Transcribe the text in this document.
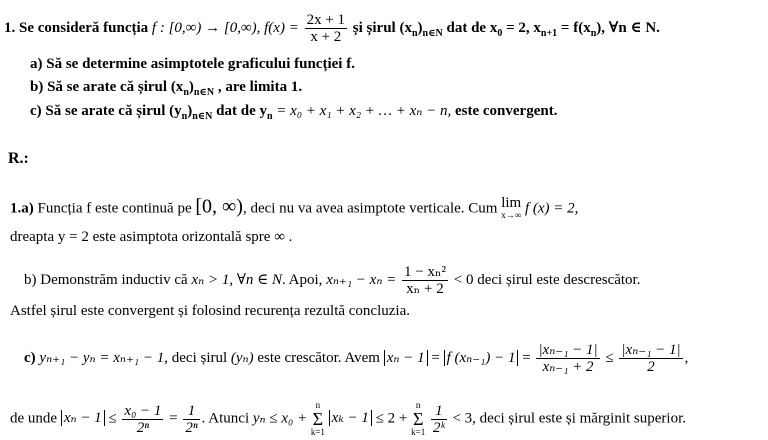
1. Se consideră funcția f : [0,∞) → [0,∞), $f(x) = \frac{2x + 1}{x + 2}$ și șirul $(x_n)_{n\in N}$ dat de $x_0 = 2$, $x_{n+1} = f(x_n)$, ∀n ∈ N.
a) Să se determine asimptotele graficului funcției f.
b) Să se arate că șirul $(x_n)_{n\in N}$ , are limita 1.
c) Să se arate că șirul $(y_n)_{n\in N}$ dat de $y_n = x_0 + x_1 + x_2$ + … + xₙ − n, este convergent.
R.:
1.a) Funcția f este continuă pe [0, ∞), deci nu va avea asimptote verticale. Cum lim
x→∞ f (x) = 2,
dreapta y = 2 este asimptota orizontală spre ∞ .
b) Demonstrăm inductiv că xₙ > 1, ∀n ∈ N. Apoi, $x_{n+1} - x_n = \frac{\text{1 − xₙ²}}{\text{xₙ + 2}} < 0$ deci șirul este descrescător.
Astfel șirul este convergent și folosind recurența rezultă concluzia.
c) yₙ₊₁ − yₙ = xₙ₊₁ − 1, deci șirul (yₙ) este crescător. Avem xₙ − 1 = f $(x_{n-1}) - 1 = \frac{\text{|xₙ₋₁ − 1|}}{\text{xₙ₋₁ + 2}} \le \frac{\text{|xₙ₋₁ − 1|}}{2}$ ,
de unde $x_n - 1 \le \frac{\text{x₀ − 1}}{\text{2ⁿ}} = \frac{1}{\text{2ⁿ}}$ . Atunci yₙ ≤ x₀ +
n
Σ
k=1
xₖ − 1 ≤ 2 +
n
Σ
k=1
$\frac{1}{\text{2ᵏ}} < 3$, deci șirul este și mărginit superior.
